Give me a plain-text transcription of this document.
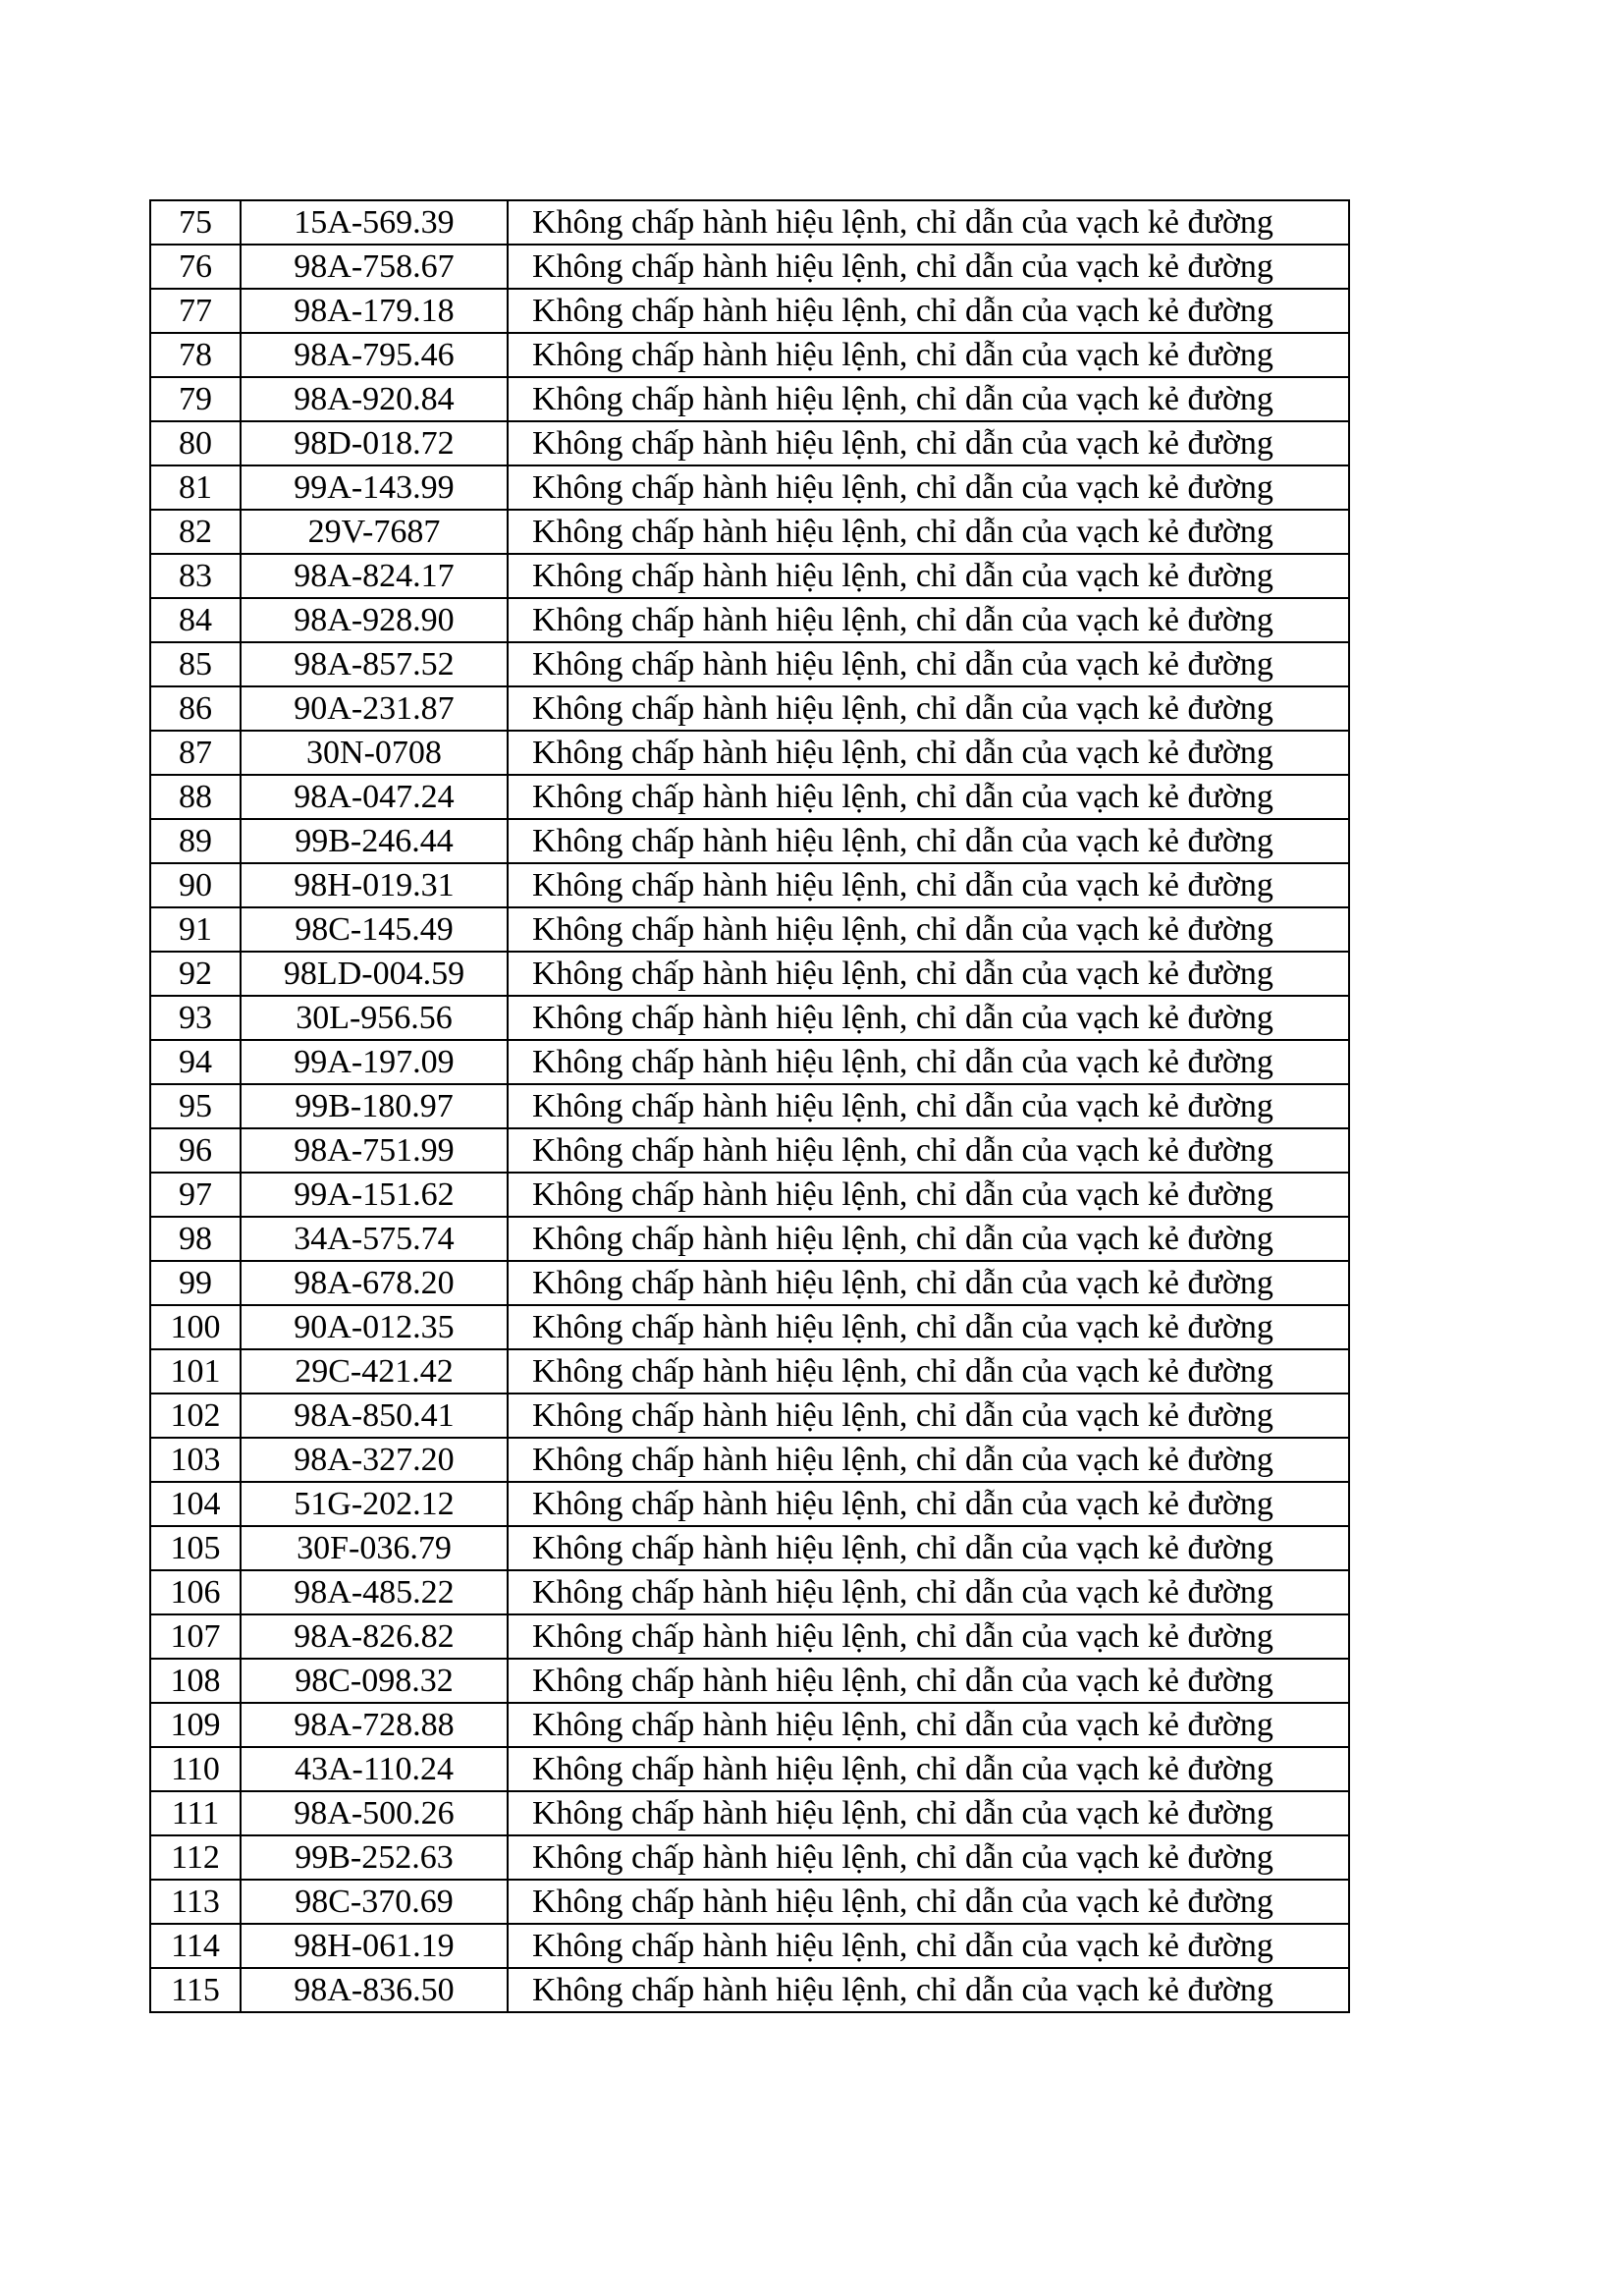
75	15A-569.39	Không chấp hành hiệu lệnh, chỉ dẫn của vạch kẻ đường
76	98A-758.67	Không chấp hành hiệu lệnh, chỉ dẫn của vạch kẻ đường
77	98A-179.18	Không chấp hành hiệu lệnh, chỉ dẫn của vạch kẻ đường
78	98A-795.46	Không chấp hành hiệu lệnh, chỉ dẫn của vạch kẻ đường
79	98A-920.84	Không chấp hành hiệu lệnh, chỉ dẫn của vạch kẻ đường
80	98D-018.72	Không chấp hành hiệu lệnh, chỉ dẫn của vạch kẻ đường
81	99A-143.99	Không chấp hành hiệu lệnh, chỉ dẫn của vạch kẻ đường
82	29V-7687	Không chấp hành hiệu lệnh, chỉ dẫn của vạch kẻ đường
83	98A-824.17	Không chấp hành hiệu lệnh, chỉ dẫn của vạch kẻ đường
84	98A-928.90	Không chấp hành hiệu lệnh, chỉ dẫn của vạch kẻ đường
85	98A-857.52	Không chấp hành hiệu lệnh, chỉ dẫn của vạch kẻ đường
86	90A-231.87	Không chấp hành hiệu lệnh, chỉ dẫn của vạch kẻ đường
87	30N-0708	Không chấp hành hiệu lệnh, chỉ dẫn của vạch kẻ đường
88	98A-047.24	Không chấp hành hiệu lệnh, chỉ dẫn của vạch kẻ đường
89	99B-246.44	Không chấp hành hiệu lệnh, chỉ dẫn của vạch kẻ đường
90	98H-019.31	Không chấp hành hiệu lệnh, chỉ dẫn của vạch kẻ đường
91	98C-145.49	Không chấp hành hiệu lệnh, chỉ dẫn của vạch kẻ đường
92	98LD-004.59	Không chấp hành hiệu lệnh, chỉ dẫn của vạch kẻ đường
93	30L-956.56	Không chấp hành hiệu lệnh, chỉ dẫn của vạch kẻ đường
94	99A-197.09	Không chấp hành hiệu lệnh, chỉ dẫn của vạch kẻ đường
95	99B-180.97	Không chấp hành hiệu lệnh, chỉ dẫn của vạch kẻ đường
96	98A-751.99	Không chấp hành hiệu lệnh, chỉ dẫn của vạch kẻ đường
97	99A-151.62	Không chấp hành hiệu lệnh, chỉ dẫn của vạch kẻ đường
98	34A-575.74	Không chấp hành hiệu lệnh, chỉ dẫn của vạch kẻ đường
99	98A-678.20	Không chấp hành hiệu lệnh, chỉ dẫn của vạch kẻ đường
100	90A-012.35	Không chấp hành hiệu lệnh, chỉ dẫn của vạch kẻ đường
101	29C-421.42	Không chấp hành hiệu lệnh, chỉ dẫn của vạch kẻ đường
102	98A-850.41	Không chấp hành hiệu lệnh, chỉ dẫn của vạch kẻ đường
103	98A-327.20	Không chấp hành hiệu lệnh, chỉ dẫn của vạch kẻ đường
104	51G-202.12	Không chấp hành hiệu lệnh, chỉ dẫn của vạch kẻ đường
105	30F-036.79	Không chấp hành hiệu lệnh, chỉ dẫn của vạch kẻ đường
106	98A-485.22	Không chấp hành hiệu lệnh, chỉ dẫn của vạch kẻ đường
107	98A-826.82	Không chấp hành hiệu lệnh, chỉ dẫn của vạch kẻ đường
108	98C-098.32	Không chấp hành hiệu lệnh, chỉ dẫn của vạch kẻ đường
109	98A-728.88	Không chấp hành hiệu lệnh, chỉ dẫn của vạch kẻ đường
110	43A-110.24	Không chấp hành hiệu lệnh, chỉ dẫn của vạch kẻ đường
111	98A-500.26	Không chấp hành hiệu lệnh, chỉ dẫn của vạch kẻ đường
112	99B-252.63	Không chấp hành hiệu lệnh, chỉ dẫn của vạch kẻ đường
113	98C-370.69	Không chấp hành hiệu lệnh, chỉ dẫn của vạch kẻ đường
114	98H-061.19	Không chấp hành hiệu lệnh, chỉ dẫn của vạch kẻ đường
115	98A-836.50	Không chấp hành hiệu lệnh, chỉ dẫn của vạch kẻ đường
